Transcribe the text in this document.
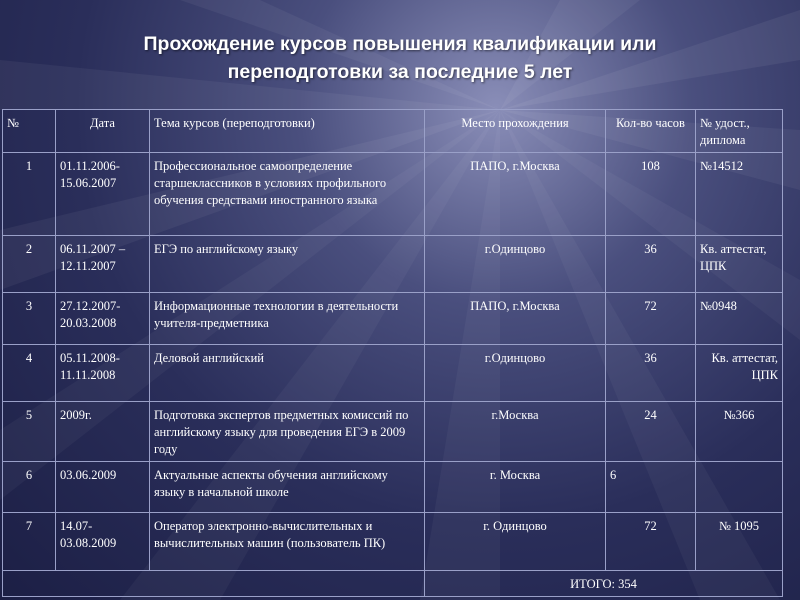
Прохождение курсов повышения квалификации или
переподготовки за последние 5 лет
№	Дата	Тема курсов (переподготовки)	Место прохождения	Кол-во часов	№ удост., диплома
1	01.11.2006-15.06.2007	Профессиональное самоопределение старшеклассников в условиях профильного обучения средствами иностранного языка	ПАПО, г.Москва	108	№14512
2	06.11.2007 – 12.11.2007	ЕГЭ по английскому языку	г.Одинцово	36	Кв. аттестат, ЦПК
3	27.12.2007-20.03.2008	Информационные технологии в деятельности учителя-предметника	ПАПО, г.Москва	72	№0948
4	05.11.2008-11.11.2008	Деловой английский	г.Одинцово	36	Кв. аттестат, ЦПК
5	2009г.	Подготовка экспертов предметных комиссий по английскому языку для проведения ЕГЭ в 2009 году	г.Москва	24	№366
6	03.06.2009	Актуальные аспекты обучения английскому языку в начальной школе	г. Москва	6	
7	14.07-03.08.2009	Оператор электронно-вычислительных и вычислительных машин (пользователь ПК)	г. Одинцово	72	№ 1095
			ИТОГО: 354		
